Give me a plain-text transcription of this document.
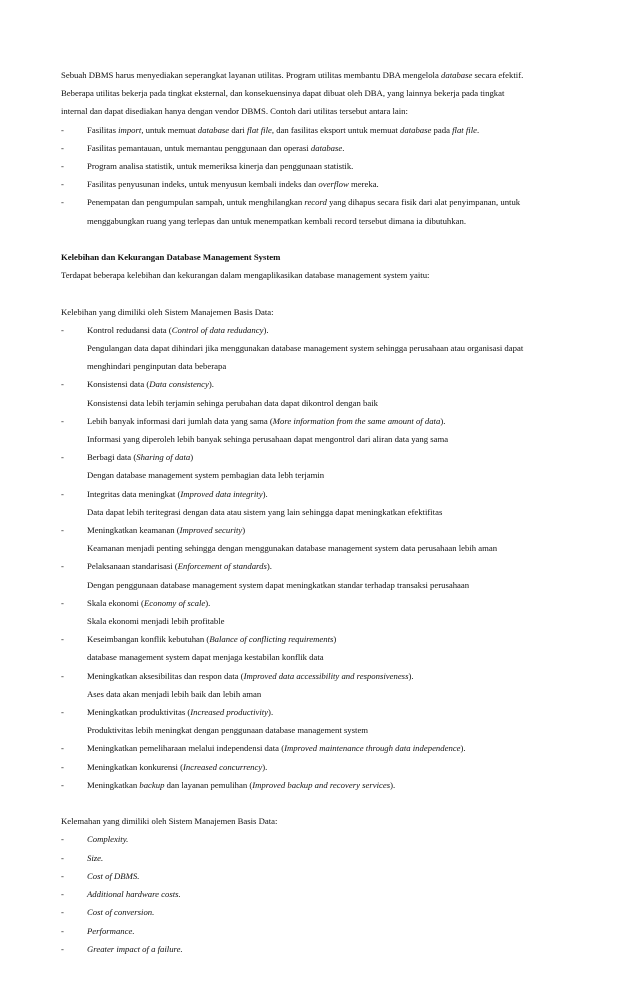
Sebuah DBMS harus menyediakan seperangkat layanan utilitas. Program utilitas membantu DBA mengelola database secara efektif.

Beberapa utilitas bekerja pada tingkat eksternal, dan konsekuensinya dapat dibuat oleh DBA, yang lainnya bekerja pada tingkat

internal dan dapat disediakan hanya dengan vendor DBMS. Contoh dari utilitas tersebut antara lain:

-	Fasilitas import, untuk memuat database dari flat file, dan fasilitas eksport untuk memuat database pada flat file.

-	Fasilitas pemantauan, untuk memantau penggunaan dan operasi database.

-	Program analisa statistik, untuk memeriksa kinerja dan penggunaan statistik.

-	Fasilitas penyusunan indeks, untuk menyusun kembali indeks dan overflow mereka.

-	Penempatan dan pengumpulan sampah, untuk menghilangkan record yang dihapus secara fisik dari alat penyimpanan, untuk

menggabungkan ruang yang terlepas dan untuk menempatkan kembali record tersebut dimana ia dibutuhkan.

Kelebihan dan Kekurangan Database Management System

Terdapat beberapa kelebihan dan kekurangan dalam mengaplikasikan database management system yaitu:

Kelebihan yang dimiliki oleh Sistem Manajemen Basis Data:

-	Kontrol redudansi data (Control of data redudancy).

Pengulangan data dapat dihindari jika menggunakan database management system sehingga perusahaan atau organisasi dapat

menghindari penginputan data beberapa

-	Konsistensi data (Data consistency).

Konsistensi data lebih terjamin sehinga perubahan data dapat dikontrol dengan baik

-	Lebih banyak informasi dari jumlah data yang sama (More information from the same amount of data).

Informasi yang diperoleh lebih banyak sehinga perusahaan dapat mengontrol dari aliran data yang sama

-	Berbagi data (Sharing of data)

Dengan database management system pembagian data lebh terjamin

-	Integritas data meningkat (Improved data integrity).

Data dapat lebih teritegrasi dengan data atau sistem yang lain sehingga dapat meningkatkan efektifitas

-	Meningkatkan keamanan (Improved security)

Keamanan menjadi penting sehingga dengan menggunakan database management system data perusahaan lebih aman

-	Pelaksanaan standarisasi (Enforcement of standards).

Dengan penggunaan database management system dapat meningkatkan standar terhadap transaksi perusahaan

-	Skala ekonomi (Economy of scale).

Skala ekonomi menjadi lebih profitable

-	Keseimbangan konflik kebutuhan (Balance of conflicting requirements)

database management system dapat menjaga kestabilan konflik data

-	Meningkatkan aksesibilitas dan respon data (Improved data accessibility and responsiveness).

Ases data akan menjadi lebih baik dan lebih aman

-	Meningkatkan produktivitas (Increased productivity).

Produktivitas lebih meningkat dengan penggunaan database management system

-	Meningkatkan pemeliharaan melalui independensi data (Improved maintenance through data independence).

-	Meningkatkan konkurensi (Increased concurrency).

-	Meningkatkan backup dan layanan pemulihan (Improved backup and recovery services).

Kelemahan yang dimiliki oleh Sistem Manajemen Basis Data:

-	Complexity.

-	Size.

-	Cost of DBMS.

-	Additional hardware costs.

-	Cost of conversion.

-	Performance.

-	Greater impact of a failure.
